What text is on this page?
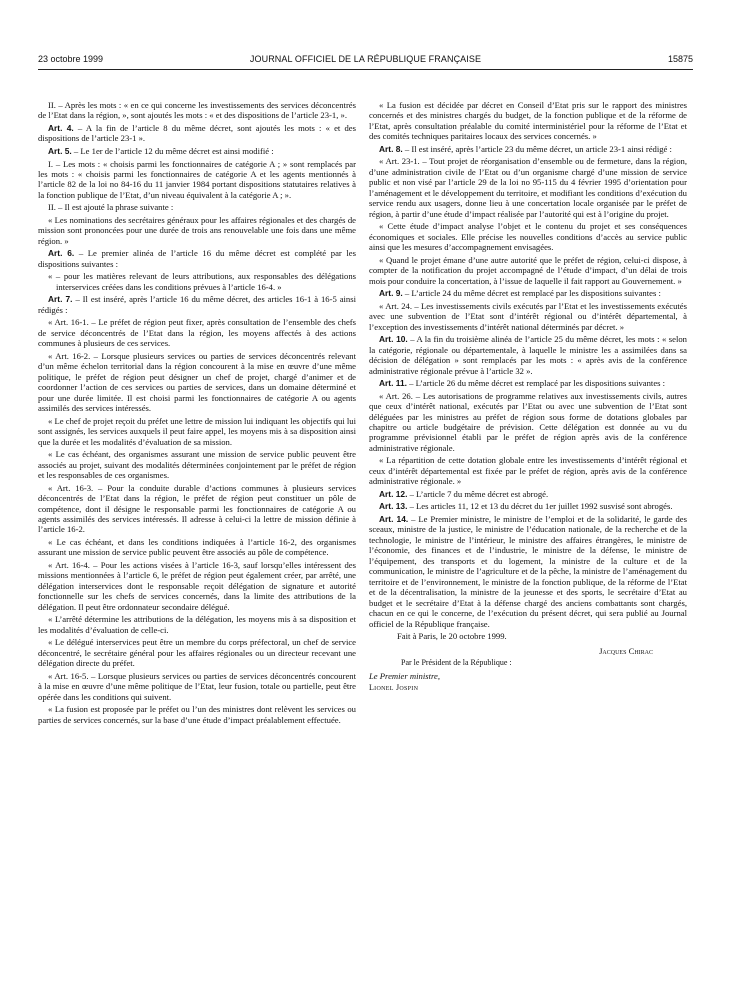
23 octobre 1999	JOURNAL OFFICIEL DE LA RÉPUBLIQUE FRANÇAISE	15875

II. – Après les mots : « en ce qui concerne les investissements des services déconcentrés de l’Etat dans la région, », sont ajoutés les mots : « et des dispositions de l’article 23-1, ».

Art. 4. – A la fin de l’article 8 du même décret, sont ajoutés les mots : « et des dispositions de l’article 23-1 ».

Art. 5. – Le 1er de l’article 12 du même décret est ainsi modifié :

I. – Les mots : « choisis parmi les fonctionnaires de catégorie A ; » sont remplacés par les mots : « choisis parmi les fonctionnaires de catégorie A et les agents mentionnés à l’article 82 de la loi no 84-16 du 11 janvier 1984 portant dispositions statutaires relatives à la fonction publique de l’Etat, d’un niveau équivalent à la catégorie A ; ».

II. – Il est ajouté la phrase suivante :

« Les nominations des secrétaires généraux pour les affaires régionales et des chargés de mission sont prononcées pour une durée de trois ans renouvelable une fois dans une même région. »

Art. 6. – Le premier alinéa de l’article 16 du même décret est complété par les dispositions suivantes :

« – pour les matières relevant de leurs attributions, aux responsables des délégations interservices créées dans les conditions prévues à l’article 16-4. »

Art. 7. – Il est inséré, après l’article 16 du même décret, des articles 16-1 à 16-5 ainsi rédigés :

« Art. 16-1. – Le préfet de région peut fixer, après consultation de l’ensemble des chefs de service déconcentrés de l’Etat dans la région, les moyens affectés à des actions communes à plusieurs de ces services.

« Art. 16-2. – Lorsque plusieurs services ou parties de services déconcentrés relevant d’un même échelon territorial dans la région concourent à la mise en œuvre d’une même politique, le préfet de région peut désigner un chef de projet, chargé d’animer et de coordonner l’action de ces services ou parties de services, dans un domaine déterminé et pour une durée limitée. Il est choisi parmi les fonctionnaires de catégorie A ou agents assimilés des services intéressés.

« Le chef de projet reçoit du préfet une lettre de mission lui indiquant les objectifs qui lui sont assignés, les services auxquels il peut faire appel, les moyens mis à sa disposition ainsi que la durée et les modalités d’évaluation de sa mission.

« Le cas échéant, des organismes assurant une mission de service public peuvent être associés au projet, suivant des modalités déterminées conjointement par le préfet de région et les responsables de ces organismes.

« Art. 16-3. – Pour la conduite durable d’actions communes à plusieurs services déconcentrés de l’Etat dans la région, le préfet de région peut constituer un pôle de compétence, dont il désigne le responsable parmi les fonctionnaires de catégorie A ou agents assimilés des services intéressés. Il adresse à celui-ci la lettre de mission définie à l’article 16-2.

« Le cas échéant, et dans les conditions indiquées à l’article 16-2, des organismes assurant une mission de service public peuvent être associés au pôle de compétence.

« Art. 16-4. – Pour les actions visées à l’article 16-3, sauf lorsqu’elles intéressent des missions mentionnées à l’article 6, le préfet de région peut également créer, par arrêté, une délégation interservices dont le responsable reçoit délégation de signature et autorité fonctionnelle sur les chefs de services concernés, dans la limite des attributions de la délégation. Il peut être ordonnateur secondaire délégué.

« L’arrêté détermine les attributions de la délégation, les moyens mis à sa disposition et les modalités d’évaluation de celle-ci.

« Le délégué interservices peut être un membre du corps préfectoral, un chef de service déconcentré, le secrétaire général pour les affaires régionales ou un directeur recevant une délégation directe du préfet.

« Art. 16-5. – Lorsque plusieurs services ou parties de services déconcentrés concourent à la mise en œuvre d’une même politique de l’Etat, leur fusion, totale ou partielle, peut être opérée dans les conditions qui suivent.

« La fusion est proposée par le préfet ou l’un des ministres dont relèvent les services ou parties de services concernés, sur la base d’une étude d’impact préalablement effectuée.

« La fusion est décidée par décret en Conseil d’Etat pris sur le rapport des ministres concernés et des ministres chargés du budget, de la fonction publique et de la réforme de l’Etat, après consultation préalable du comité interministériel pour la réforme de l’Etat et des comités techniques paritaires locaux des services concernés. »

Art. 8. – Il est inséré, après l’article 23 du même décret, un article 23-1 ainsi rédigé :

« Art. 23-1. – Tout projet de réorganisation d’ensemble ou de fermeture, dans la région, d’une administration civile de l’Etat ou d’un organisme chargé d’une mission de service public et non visé par l’article 29 de la loi no 95-115 du 4 février 1995 d’orientation pour l’aménagement et le développement du territoire, et modifiant les conditions d’exécution du service rendu aux usagers, donne lieu à une concertation locale organisée par le préfet de région, à partir d’une étude d’impact réalisée par l’autorité qui est à l’origine du projet.

« Cette étude d’impact analyse l’objet et le contenu du projet et ses conséquences économiques et sociales. Elle précise les nouvelles conditions d’accès au service public ainsi que les mesures d’accompagnement envisagées.

« Quand le projet émane d’une autre autorité que le préfet de région, celui-ci dispose, à compter de la notification du projet accompagné de l’étude d’impact, d’un délai de trois mois pour conduire la concertation, à l’issue de laquelle il fait rapport au Gouvernement. »

Art. 9. – L’article 24 du même décret est remplacé par les dispositions suivantes :

« Art. 24. – Les investissements civils exécutés par l’Etat et les investissements exécutés avec une subvention de l’Etat sont d’intérêt régional ou d’intérêt départemental, à l’exception des investissements d’intérêt national déterminés par décret. »

Art. 10. – A la fin du troisième alinéa de l’article 25 du même décret, les mots : « selon la catégorie, régionale ou départementale, à laquelle le ministre les a assimilées dans sa décision de délégation » sont remplacés par les mots : « après avis de la conférence administrative régionale prévue à l’article 32 ».

Art. 11. – L’article 26 du même décret est remplacé par les dispositions suivantes :

« Art. 26. – Les autorisations de programme relatives aux investissements civils, autres que ceux d’intérêt national, exécutés par l’Etat ou avec une subvention de l’Etat sont déléguées par les ministres au préfet de région sous forme de dotations globales par chapitre ou article budgétaire de prévision. Cette délégation est donnée au vu du programme prévisionnel établi par le préfet de région après avis de la conférence administrative régionale.

« La répartition de cette dotation globale entre les investissements d’intérêt régional et ceux d’intérêt départemental est fixée par le préfet de région, après avis de la conférence administrative régionale. »

Art. 12. – L’article 7 du même décret est abrogé.

Art. 13. – Les articles 11, 12 et 13 du décret du 1er juillet 1992 susvisé sont abrogés.

Art. 14. – Le Premier ministre, le ministre de l’emploi et de la solidarité, le garde des sceaux, ministre de la justice, le ministre de l’éducation nationale, de la recherche et de la technologie, le ministre de l’intérieur, le ministre des affaires étrangères, le ministre de l’économie, des finances et de l’industrie, le ministre de la défense, le ministre de l’équipement, des transports et du logement, la ministre de la culture et de la communication, le ministre de l’agriculture et de la pêche, la ministre de l’aménagement du territoire et de l’environnement, le ministre de la fonction publique, de la réforme de l’Etat et de la décentralisation, la ministre de la jeunesse et des sports, le secrétaire d’Etat au budget et le secrétaire d’Etat à la défense chargé des anciens combattants sont chargés, chacun en ce qui le concerne, de l’exécution du présent décret, qui sera publié au Journal officiel de la République française.

Fait à Paris, le 20 octobre 1999.

Jacques Chirac

Par le Président de la République :

Le Premier ministre,

Lionel Jospin
